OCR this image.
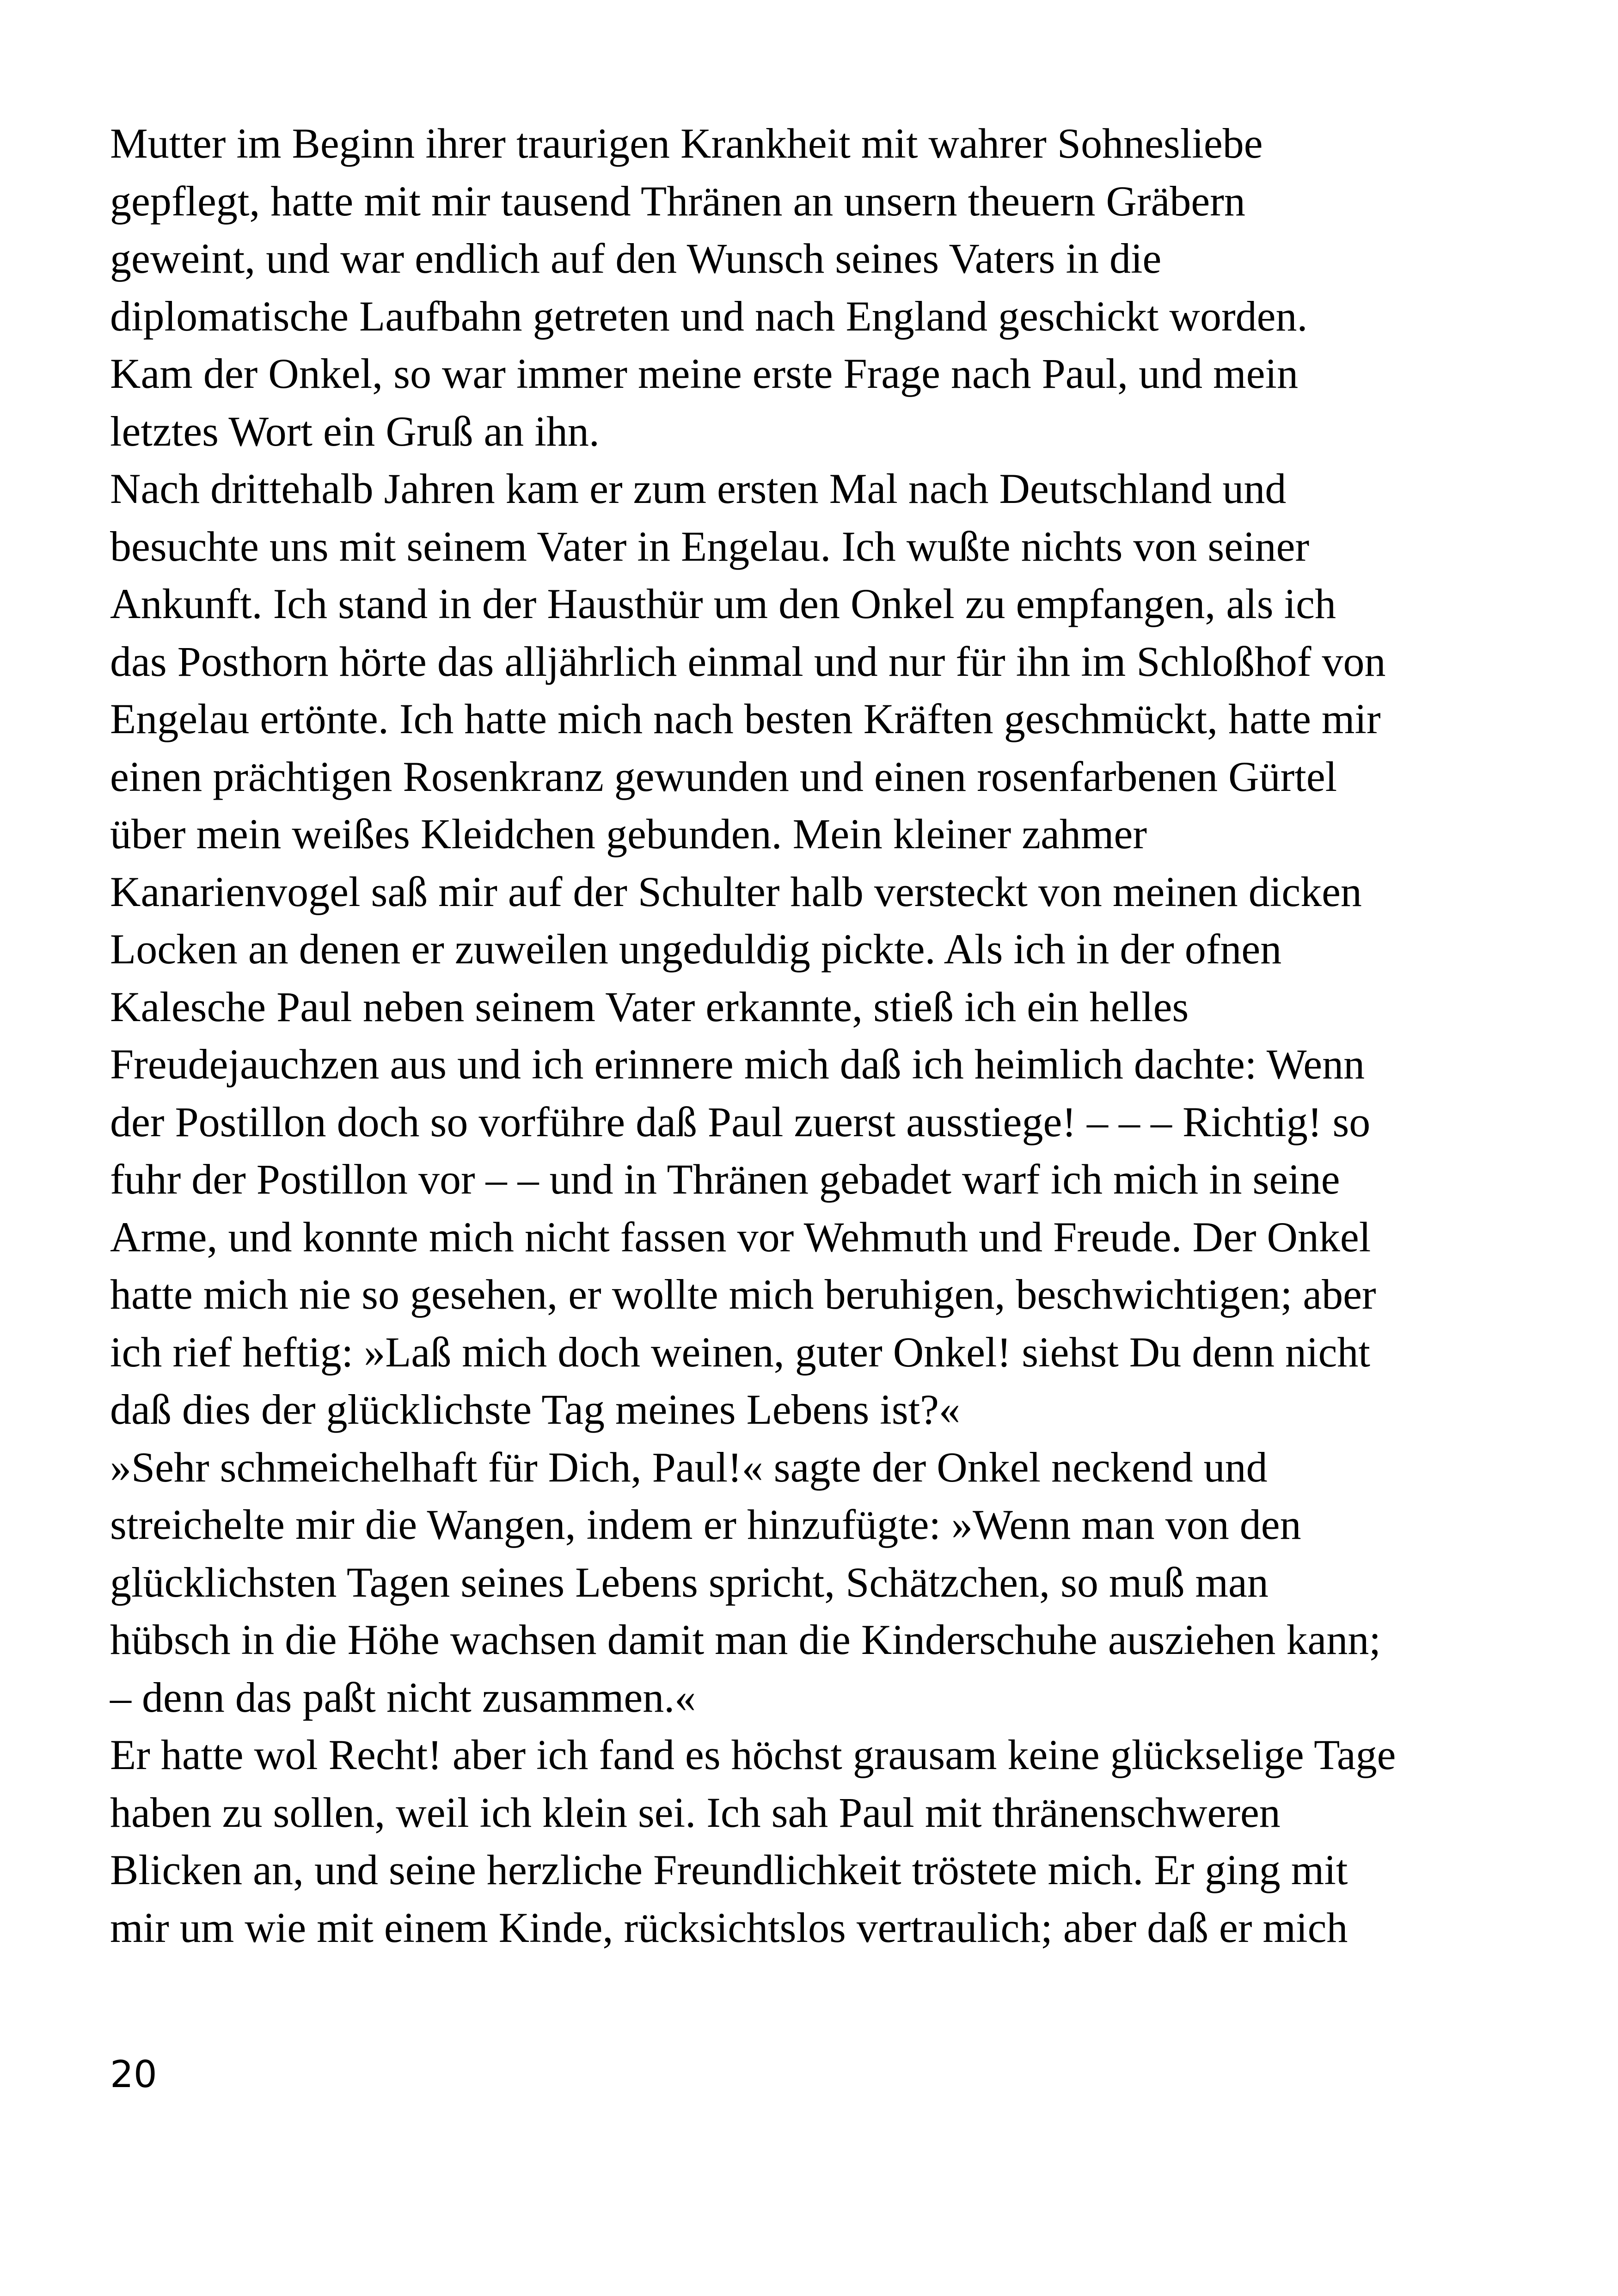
Mutter im Beginn ihrer traurigen Krankheit mit wahrer Sohnesliebe
gepflegt, hatte mit mir tausend Thränen an unsern theuern Gräbern
geweint, und war endlich auf den Wunsch seines Vaters in die
diplomatische Laufbahn getreten und nach England geschickt worden.
Kam der Onkel, so war immer meine erste Frage nach Paul, und mein
letztes Wort ein Gruß an ihn.
Nach drittehalb Jahren kam er zum ersten Mal nach Deutschland und
besuchte uns mit seinem Vater in Engelau. Ich wußte nichts von seiner
Ankunft. Ich stand in der Hausthür um den Onkel zu empfangen, als ich
das Posthorn hörte das alljährlich einmal und nur für ihn im Schloßhof von
Engelau ertönte. Ich hatte mich nach besten Kräften geschmückt, hatte mir
einen prächtigen Rosenkranz gewunden und einen rosenfarbenen Gürtel
über mein weißes Kleidchen gebunden. Mein kleiner zahmer
Kanarienvogel saß mir auf der Schulter halb versteckt von meinen dicken
Locken an denen er zuweilen ungeduldig pickte. Als ich in der ofnen
Kalesche Paul neben seinem Vater erkannte, stieß ich ein helles
Freudejauchzen aus und ich erinnere mich daß ich heimlich dachte: Wenn
der Postillon doch so vorführe daß Paul zuerst ausstiege! – – – Richtig! so
fuhr der Postillon vor – – und in Thränen gebadet warf ich mich in seine
Arme, und konnte mich nicht fassen vor Wehmuth und Freude. Der Onkel
hatte mich nie so gesehen, er wollte mich beruhigen, beschwichtigen; aber
ich rief heftig: »Laß mich doch weinen, guter Onkel! siehst Du denn nicht
daß dies der glücklichste Tag meines Lebens ist?«
»Sehr schmeichelhaft für Dich, Paul!« sagte der Onkel neckend und
streichelte mir die Wangen, indem er hinzufügte: »Wenn man von den
glücklichsten Tagen seines Lebens spricht, Schätzchen, so muß man
hübsch in die Höhe wachsen damit man die Kinderschuhe ausziehen kann;
– denn das paßt nicht zusammen.«
Er hatte wol Recht! aber ich fand es höchst grausam keine glückselige Tage
haben zu sollen, weil ich klein sei. Ich sah Paul mit thränenschweren
Blicken an, und seine herzliche Freundlichkeit tröstete mich. Er ging mit
mir um wie mit einem Kinde, rücksichtslos vertraulich; aber daß er mich
20
